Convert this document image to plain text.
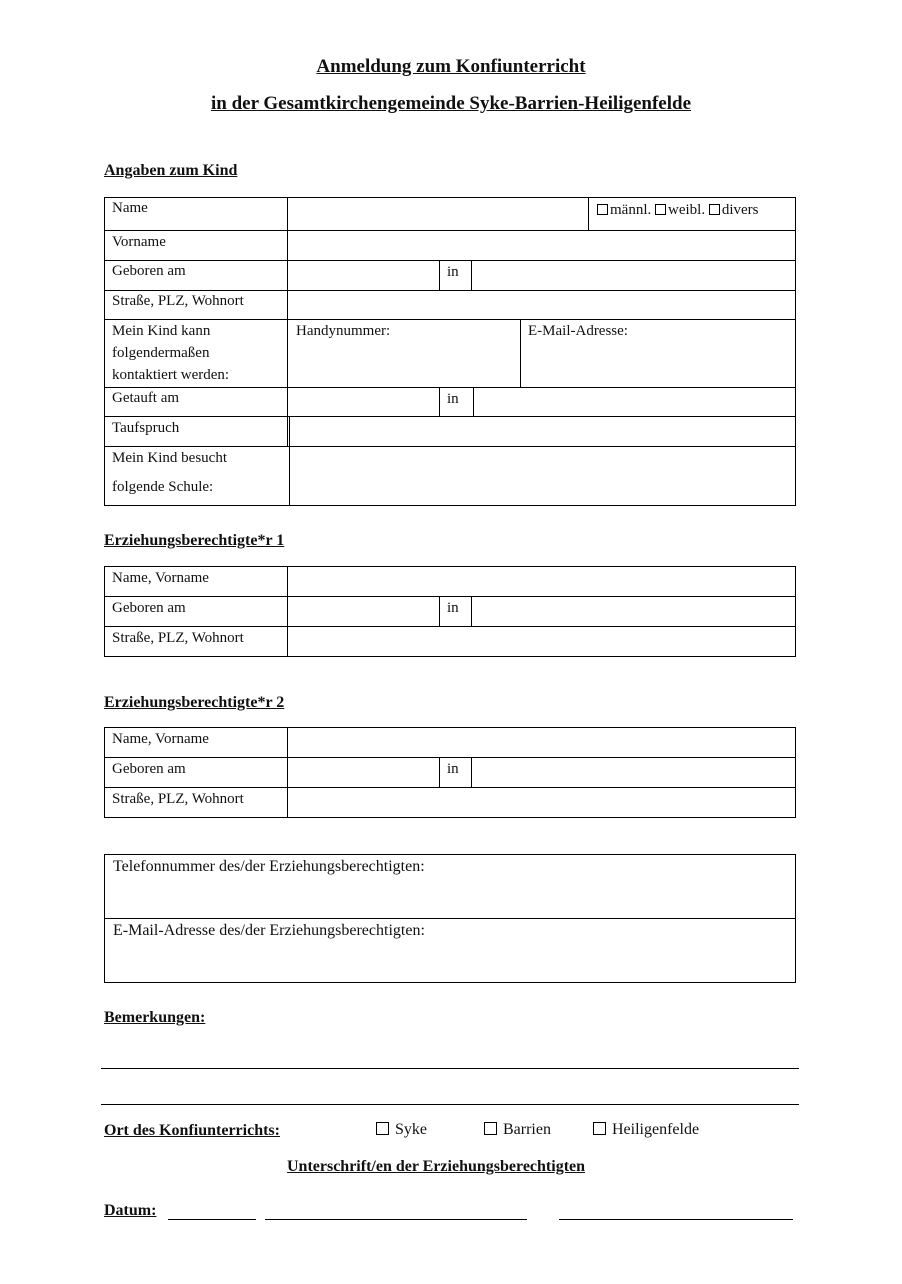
Anmeldung zum Konfiunterricht
in der Gesamtkirchengemeinde Syke-Barrien-Heiligenfelde
Angaben zum Kind
Name	männl. weibl. divers
Vorname
Geboren am	in
Straße, PLZ, Wohnort
Mein Kind kann
folgendermaßen
kontaktiert werden:
Handynummer:	E-Mail-Adresse:
Getauft am	in
Taufspruch
Mein Kind besucht
folgende Schule:
Erziehungsberechtigte*r 1
Name, Vorname
Geboren am	in
Straße, PLZ, Wohnort
Erziehungsberechtigte*r 2
Name, Vorname
Geboren am	in
Straße, PLZ, Wohnort
Telefonnummer des/der Erziehungsberechtigten:
E-Mail-Adresse des/der Erziehungsberechtigten:
Bemerkungen:
Ort des Konfiunterrichts:	Syke	Barrien	Heiligenfelde
Unterschrift/en der Erziehungsberechtigten
Datum:
